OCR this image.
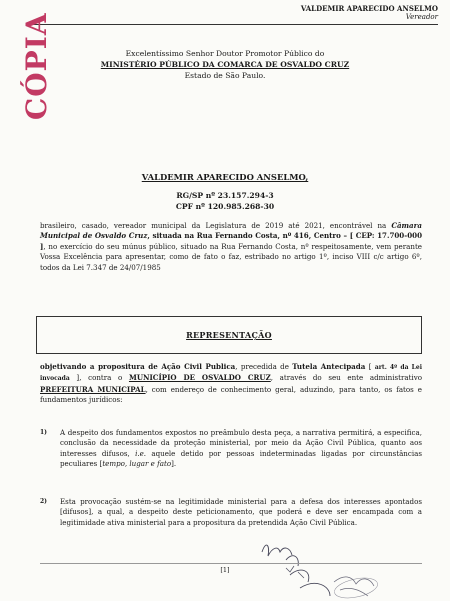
VALDEMIR APARECIDO ANSELMO
Vereador
CÓPIA	Excelentíssimo Senhor Doutor Promotor Público do
MINISTÉRIO PÚBLICO DA COMARCA DE OSVALDO CRUZ
Estado de São Paulo.
VALDEMIR APARECIDO ANSELMO,
RG/SP nº 23.157.294-3
CPF nº 120.985.268-30
brasileiro, casado, vereador municipal da Legislatura de 2019 até 2021, encontrável na Câmara Municipal de Osvaldo Cruz, situada na Rua Fernando Costa, nº 416, Centro – [ CEP: 17.700-000 ], no exercício do seu múnus público, situado na Rua Fernando Costa, nº respeitosamente, vem perante Vossa Excelência para apresentar, como de fato o faz, estribado no artigo 1º, inciso VIII c/c artigo 6º, todos da Lei 7.347 de 24/07/1985
REPRESENTAÇÃO
objetivando a propositura de Ação Civil Publica, precedida de Tutela Antecipada [ art. 4º da Lei invocada ], contra o MUNICÍPIO DE OSVALDO CRUZ, através do seu ente administrativo PREFEITURA MUNICIPAL, com endereço de conhecimento geral, aduzindo, para tanto, os fatos e fundamentos jurídicos:
1) A despeito dos fundamentos expostos no preâmbulo desta peça, a narrativa permitirá, a especifica, conclusão da necessidade da proteção ministerial, por meio da Ação Civil Pública, quanto aos interesses difusos, i.e. aquele detido por pessoas indeterminadas ligadas por circunstâncias peculiares [tempo, lugar e fato].
2) Esta provocação sustém-se na legitimidade ministerial para a defesa dos interesses apontados [difusos], a qual, a despeito deste peticionamento, que poderá e deve ser encampada com a legitimidade ativa ministerial para a propositura da pretendida Ação Civil Pública.
[1]
